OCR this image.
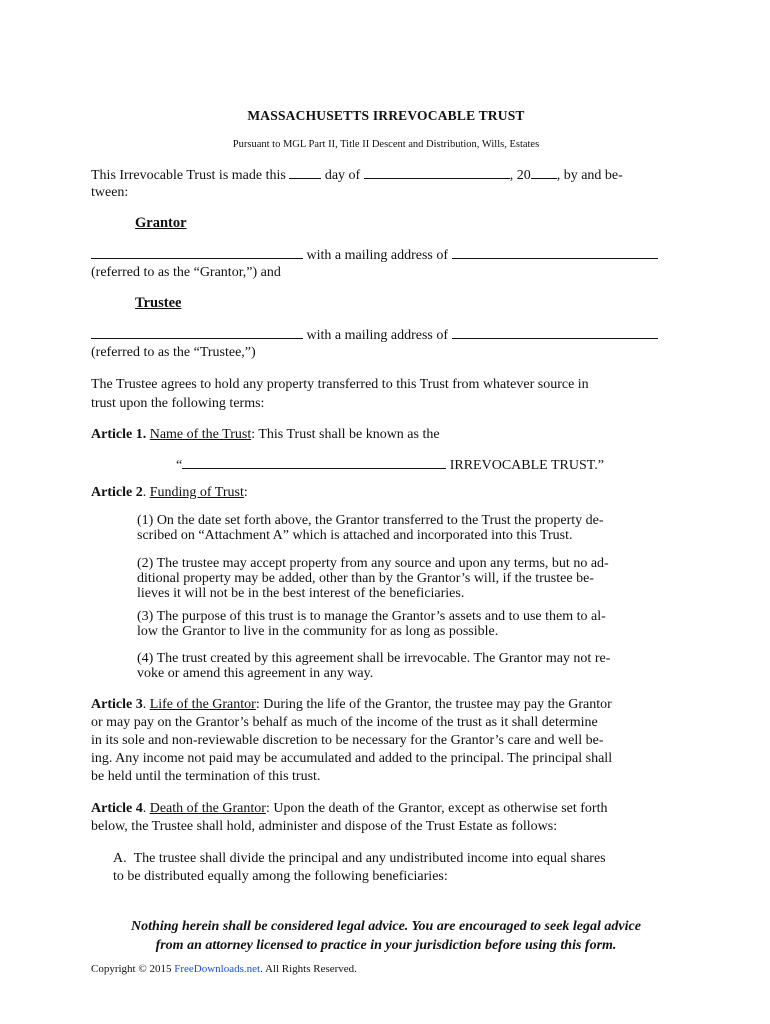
MASSACHUSETTS IRREVOCABLE TRUST
Pursuant to MGL Part II, Title II Descent and Distribution, Wills, Estates
This Irrevocable Trust is made this	day of	, 20 , by and be-
tween:
Grantor
with a mailing address of
(referred to as the “Grantor,”) and
Trustee
with a mailing address of
(referred to as the “Trustee,”)
The Trustee agrees to hold any property transferred to this Trust from whatever source in
trust upon the following terms:
Article 1. Name of the Trust: This Trust shall be known as the
“	IRREVOCABLE TRUST.”
Article 2. Funding of Trust:
(1) On the date set forth above, the Grantor transferred to the Trust the property de-
scribed on “Attachment A” which is attached and incorporated into this Trust.
(2) The trustee may accept property from any source and upon any terms, but no ad-
ditional property may be added, other than by the Grantor’s will, if the trustee be-
lieves it will not be in the best interest of the beneficiaries.
(3) The purpose of this trust is to manage the Grantor’s assets and to use them to al-
low the Grantor to live in the community for as long as possible.
(4) The trust created by this agreement shall be irrevocable. The Grantor may not re-
voke or amend this agreement in any way.
Article 3. Life of the Grantor: During the life of the Grantor, the trustee may pay the Grantor
or may pay on the Grantor’s behalf as much of the income of the trust as it shall determine
in its sole and non-reviewable discretion to be necessary for the Grantor’s care and well be-
ing. Any income not paid may be accumulated and added to the principal. The principal shall
be held until the termination of this trust.
Article 4. Death of the Grantor: Upon the death of the Grantor, except as otherwise set forth
below, the Trustee shall hold, administer and dispose of the Trust Estate as follows:
A. The trustee shall divide the principal and any undistributed income into equal shares
to be distributed equally among the following beneficiaries:
Nothing herein shall be considered legal advice. You are encouraged to seek legal advice
from an attorney licensed to practice in your jurisdiction before using this form.
Copyright © 2015 FreeDownloads.net. All Rights Reserved.
